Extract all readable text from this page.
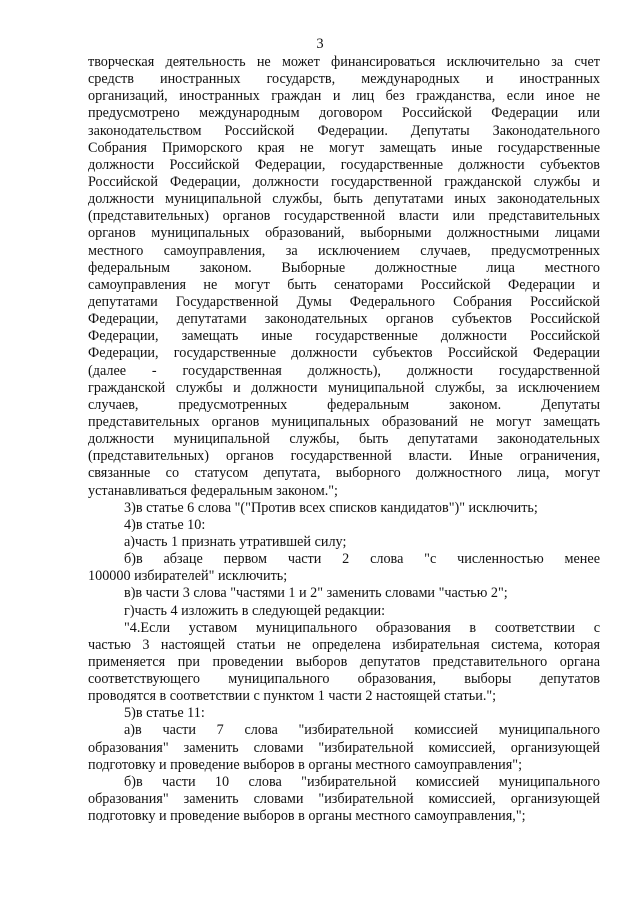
3

творческая деятельность не может финансироваться исключительно за счет

средств иностранных государств, международных и иностранных

организаций, иностранных граждан и лиц без гражданства, если иное не

предусмотрено международным договором Российской Федерации или

законодательством Российской Федерации. Депутаты Законодательного

Собрания Приморского края не могут замещать иные государственные

должности Российской Федерации, государственные должности субъектов

Российской Федерации, должности государственной гражданской службы и

должности муниципальной службы, быть депутатами иных законодательных

(представительных) органов государственной власти или представительных

органов муниципальных образований, выборными должностными лицами

местного самоуправления, за исключением случаев, предусмотренных

федеральным законом. Выборные должностные лица местного

самоуправления не могут быть сенаторами Российской Федерации и

депутатами Государственной Думы Федерального Собрания Российской

Федерации, депутатами законодательных органов субъектов Российской

Федерации, замещать иные государственные должности Российской

Федерации, государственные должности субъектов Российской Федерации

(далее - государственная должность), должности государственной

гражданской службы и должности муниципальной службы, за исключением

случаев, предусмотренных федеральным законом. Депутаты

представительных органов муниципальных образований не могут замещать

должности муниципальной службы, быть депутатами законодательных

(представительных) органов государственной власти. Иные ограничения,

связанные со статусом депутата, выборного должностного лица, могут

устанавливаться федеральным законом.";

3)в статье 6 слова "("Против всех списков кандидатов")" исключить;

4)в статье 10:

а)часть 1 признать утратившей силу;

б)в абзаце первом части 2 слова "с численностью менее

100000 избирателей" исключить;

в)в части 3 слова "частями 1 и 2" заменить словами "частью 2";

г)часть 4 изложить в следующей редакции:

"4.Если уставом муниципального образования в соответствии с

частью 3 настоящей статьи не определена избирательная система, которая

применяется при проведении выборов депутатов представительного органа

соответствующего муниципального образования, выборы депутатов

проводятся в соответствии с пунктом 1 части 2 настоящей статьи.";

5)в статье 11:

а)в части 7 слова "избирательной комиссией муниципального

образования" заменить словами "избирательной комиссией, организующей

подготовку и проведение выборов в органы местного самоуправления";

б)в части 10 слова "избирательной комиссией муниципального

образования" заменить словами "избирательной комиссией, организующей

подготовку и проведение выборов в органы местного самоуправления,";
